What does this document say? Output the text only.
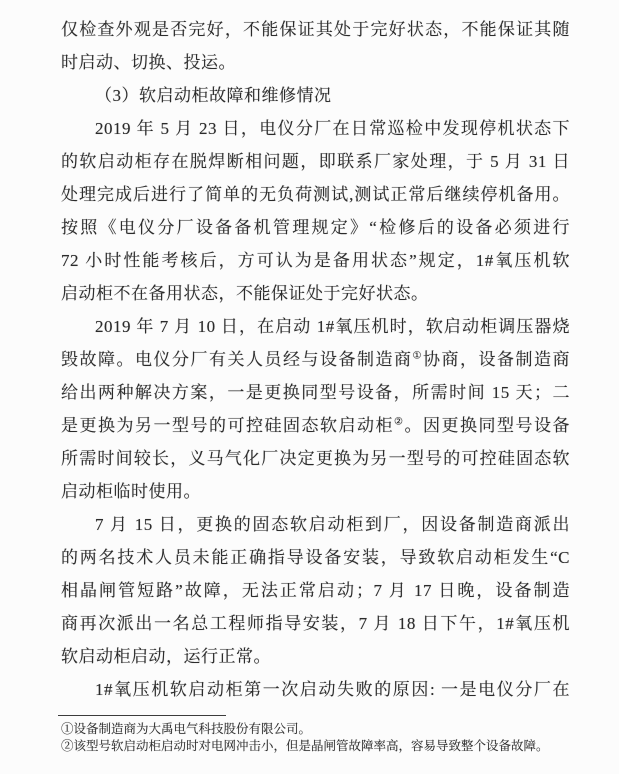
仅检查外观是否完好，不能保证其处于完好状态，不能保证其随
时启动、切换、投运。
（3）软启动柜故障和维修情况
2019 年 5 月 23 日，电仪分厂在日常巡检中发现停机状态下
的软启动柜存在脱焊断相问题，即联系厂家处理，于 5 月 31 日
处理完成后进行了简单的无负荷测试,测试正常后继续停机备用。
按照《电仪分厂设备备机管理规定》“检修后的设备必须进行
72 小时性能考核后，方可认为是备用状态”规定，1#氧压机软
启动柜不在备用状态，不能保证处于完好状态。
2019 年 7 月 10 日，在启动 1#氧压机时，软启动柜调压器烧
毁故障。电仪分厂有关人员经与设备制造商①协商，设备制造商
给出两种解决方案，一是更换同型号设备，所需时间 15 天；二
是更换为另一型号的可控硅固态软启动柜②。因更换同型号设备
所需时间较长，义马气化厂决定更换为另一型号的可控硅固态软
启动柜临时使用。
7 月 15 日，更换的固态软启动柜到厂，因设备制造商派出
的两名技术人员未能正确指导设备安装，导致软启动柜发生“C
相晶闸管短路”故障，无法正常启动；7 月 17 日晚，设备制造
商再次派出一名总工程师指导安装，7 月 18 日下午，1#氧压机
软启动柜启动，运行正常。
1#氧压机软启动柜第一次启动失败的原因: 一是电仪分厂在
①设备制造商为大禹电气科技股份有限公司。
②该型号软启动柜启动时对电网冲击小，但是晶闸管故障率高，容易导致整个设备故障。
